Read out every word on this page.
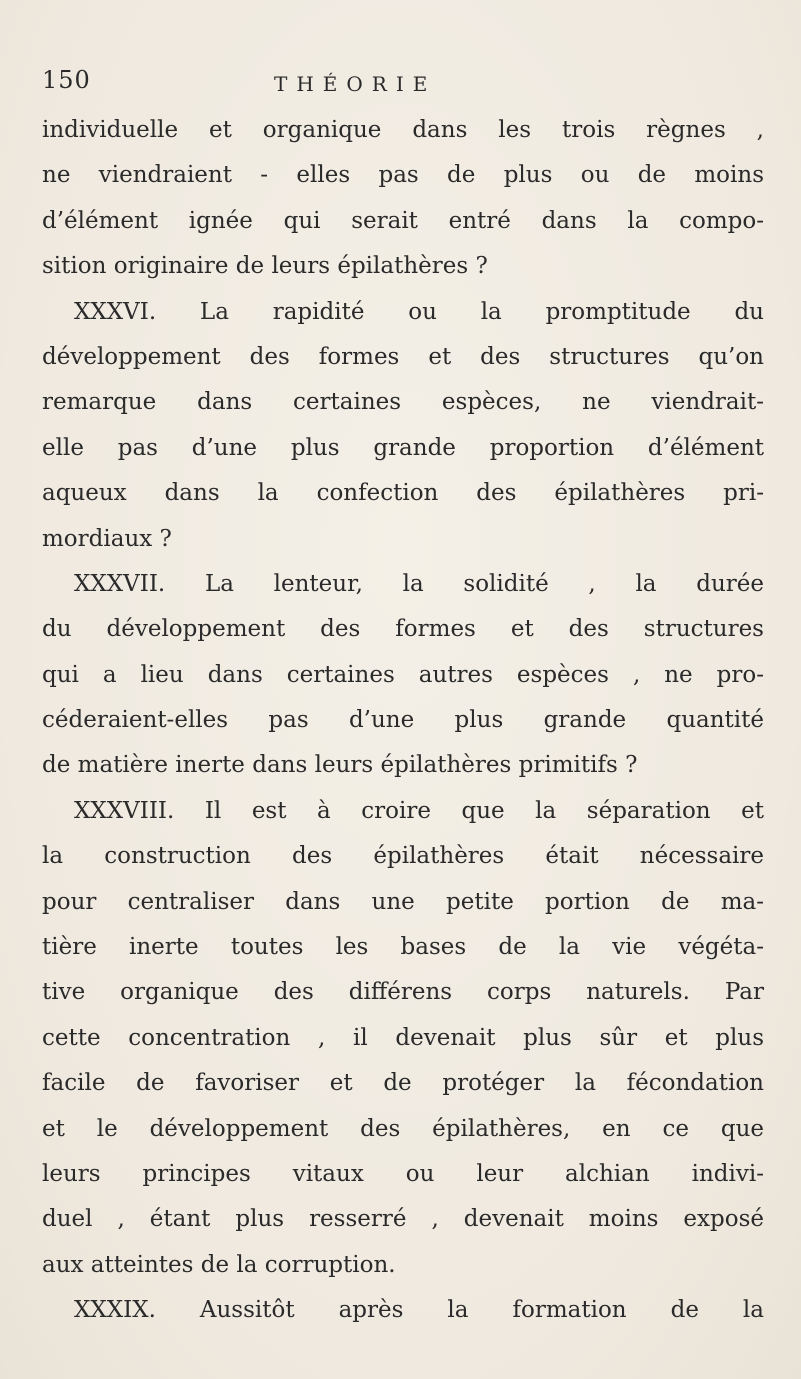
150	THÉORIE
individuelle et organique dans les trois règnes ,
ne viendraient - elles pas de plus ou de moins
d’élément ignée qui serait entré dans la compo-
sition originaire de leurs épilathères ?
XXXVI. La rapidité ou la promptitude du
développement des formes et des structures qu’on
remarque dans certaines espèces, ne viendrait-
elle pas d’une plus grande proportion d’élément
aqueux dans la confection des épilathères pri-
mordiaux ?
XXXVII. La lenteur, la solidité , la durée
du développement des formes et des structures
qui a lieu dans certaines autres espèces , ne pro-
céderaient-elles pas d’une plus grande quantité
de matière inerte dans leurs épilathères primitifs ?
XXXVIII. Il est à croire que la séparation et
la construction des épilathères était nécessaire
pour centraliser dans une petite portion de ma-
tière inerte toutes les bases de la vie végéta-
tive organique des différens corps naturels. Par
cette concentration , il devenait plus sûr et plus
facile de favoriser et de protéger la fécondation
et le développement des épilathères, en ce que
leurs principes vitaux ou leur alchian indivi-
duel , étant plus resserré , devenait moins exposé
aux atteintes de la corruption.
XXXIX. Aussitôt après la formation de la
